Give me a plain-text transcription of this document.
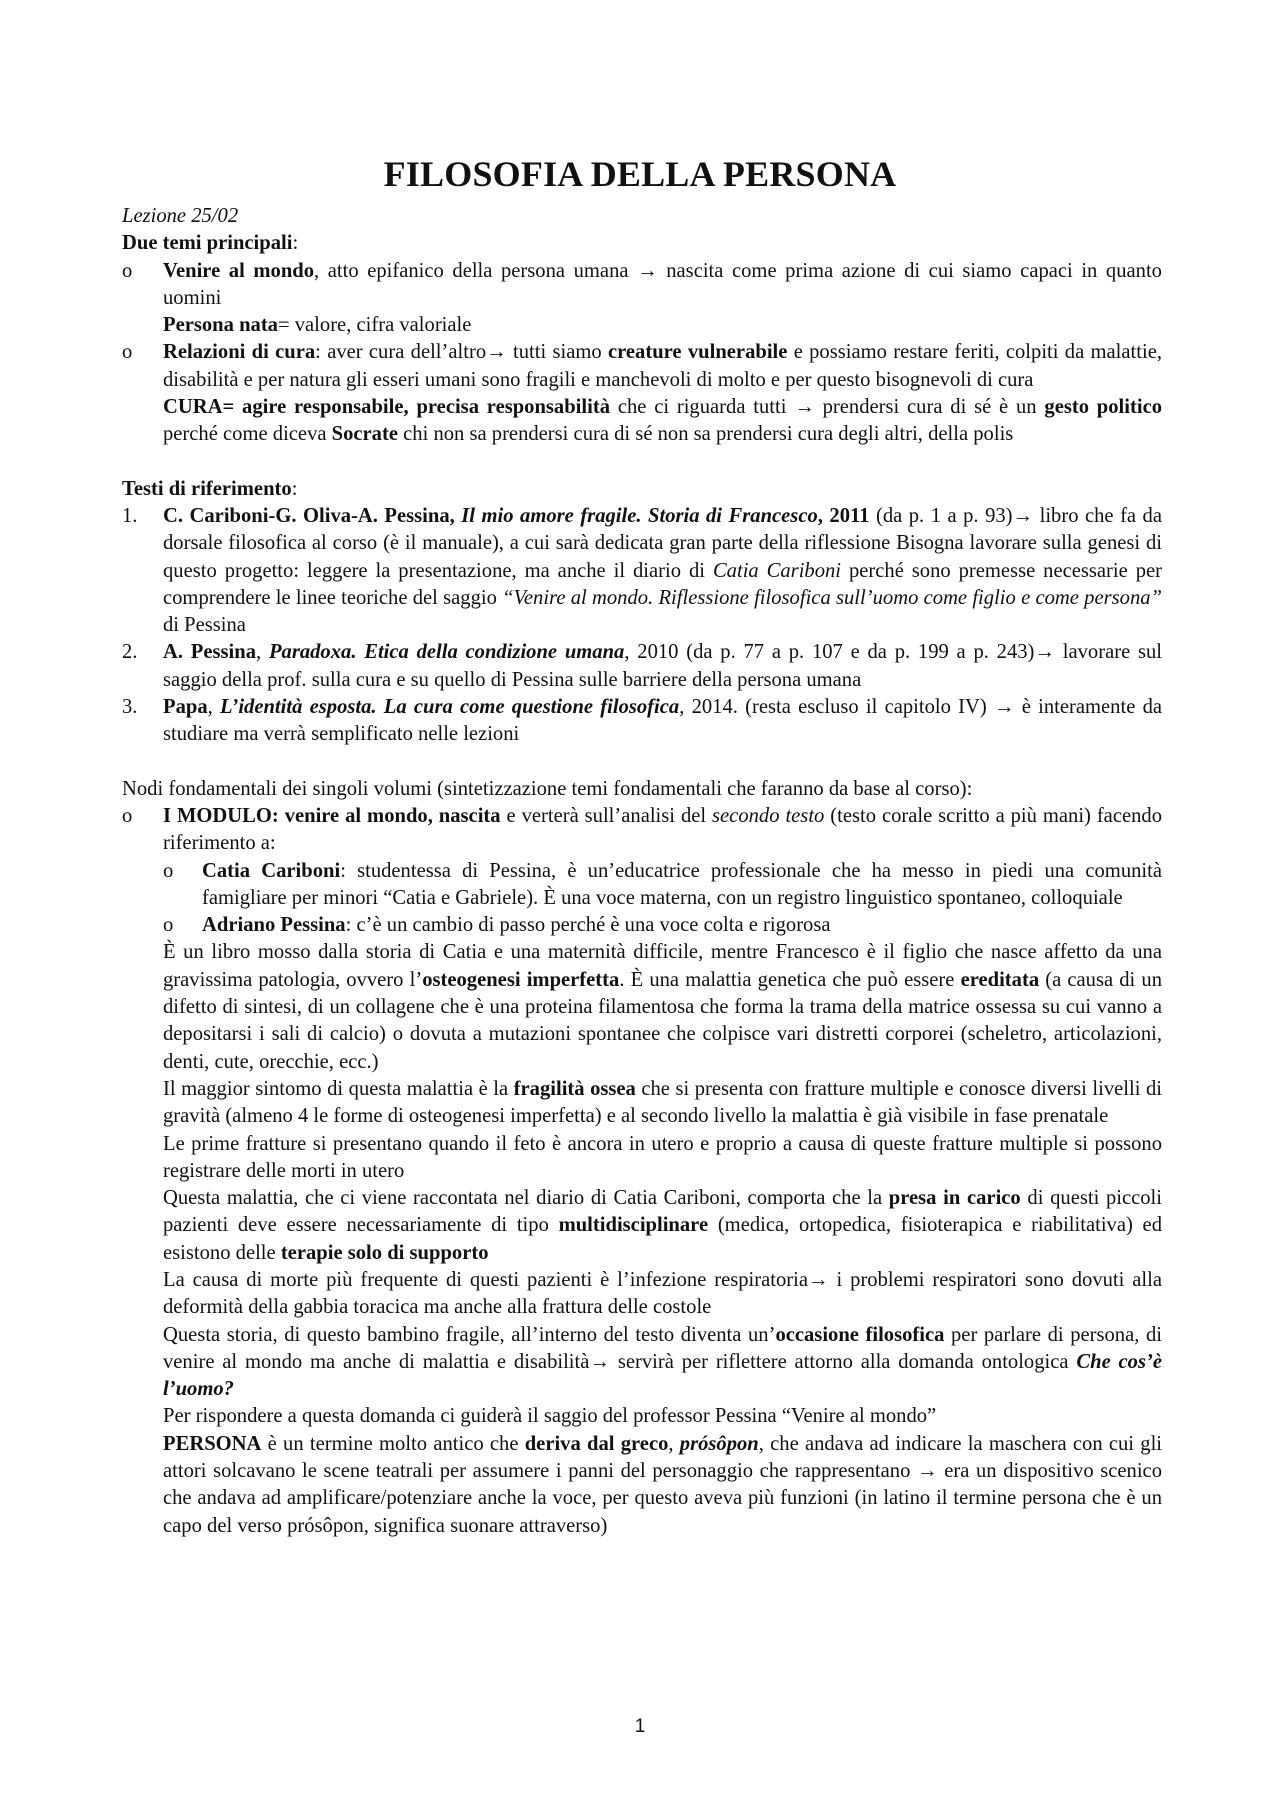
FILOSOFIA DELLA PERSONA

Lezione 25/02

Due temi principali:

o Venire al mondo, atto epifanico della persona umana → nascita come prima azione di cui siamo capaci in quanto uomini
Persona nata= valore, cifra valoriale
o Relazioni di cura: aver cura dell’altro→ tutti siamo creature vulnerabile e possiamo restare feriti, colpiti da malattie, disabilità e per natura gli esseri umani sono fragili e manchevoli di molto e per questo bisognevoli di cura
CURA= agire responsabile, precisa responsabilità che ci riguarda tutti → prendersi cura di sé è un gesto politico perché come diceva Socrate chi non sa prendersi cura di sé non sa prendersi cura degli altri, della polis

Testi di riferimento:

1. C. Cariboni-G. Oliva-A. Pessina, Il mio amore fragile. Storia di Francesco, 2011 (da p. 1 a p. 93)→ libro che fa da dorsale filosofica al corso (è il manuale), a cui sarà dedicata gran parte della riflessione Bisogna lavorare sulla genesi di questo progetto: leggere la presentazione, ma anche il diario di Catia Cariboni perché sono premesse necessarie per comprendere le linee teoriche del saggio “Venire al mondo. Riflessione filosofica sull’uomo come figlio e come persona” di Pessina
2. A. Pessina, Paradoxa. Etica della condizione umana, 2010 (da p. 77 a p. 107 e da p. 199 a p. 243)→ lavorare sul saggio della prof. sulla cura e su quello di Pessina sulle barriere della persona umana
3. Papa, L’identità esposta. La cura come questione filosofica, 2014. (resta escluso il capitolo IV) → è interamente da studiare ma verrà semplificato nelle lezioni

Nodi fondamentali dei singoli volumi (sintetizzazione temi fondamentali che faranno da base al corso):

o I MODULO: venire al mondo, nascita e verterà sull’analisi del secondo testo (testo corale scritto a più mani) facendo riferimento a:
o Catia Cariboni: studentessa di Pessina, è un’educatrice professionale che ha messo in piedi una comunità famigliare per minori “Catia e Gabriele). È una voce materna, con un registro linguistico spontaneo, colloquiale
o Adriano Pessina: c’è un cambio di passo perché è una voce colta e rigorosa
È un libro mosso dalla storia di Catia e una maternità difficile, mentre Francesco è il figlio che nasce affetto da una gravissima patologia, ovvero l’osteogenesi imperfetta. È una malattia genetica che può essere ereditata (a causa di un difetto di sintesi, di un collagene che è una proteina filamentosa che forma la trama della matrice ossessa su cui vanno a depositarsi i sali di calcio) o dovuta a mutazioni spontanee che colpisce vari distretti corporei (scheletro, articolazioni, denti, cute, orecchie, ecc.)
Il maggior sintomo di questa malattia è la fragilità ossea che si presenta con fratture multiple e conosce diversi livelli di gravità (almeno 4 le forme di osteogenesi imperfetta) e al secondo livello la malattia è già visibile in fase prenatale
Le prime fratture si presentano quando il feto è ancora in utero e proprio a causa di queste fratture multiple si possono registrare delle morti in utero
Questa malattia, che ci viene raccontata nel diario di Catia Cariboni, comporta che la presa in carico di questi piccoli pazienti deve essere necessariamente di tipo multidisciplinare (medica, ortopedica, fisioterapica e riabilitativa) ed esistono delle terapie solo di supporto
La causa di morte più frequente di questi pazienti è l’infezione respiratoria→ i problemi respiratori sono dovuti alla deformità della gabbia toracica ma anche alla frattura delle costole
Questa storia, di questo bambino fragile, all’interno del testo diventa un’occasione filosofica per parlare di persona, di venire al mondo ma anche di malattia e disabilità→ servirà per riflettere attorno alla domanda ontologica Che cos’è l’uomo?
Per rispondere a questa domanda ci guiderà il saggio del professor Pessina “Venire al mondo”
PERSONA è un termine molto antico che deriva dal greco, prósôpon, che andava ad indicare la maschera con cui gli attori solcavano le scene teatrali per assumere i panni del personaggio che rappresentano → era un dispositivo scenico che andava ad amplificare/potenziare anche la voce, per questo aveva più funzioni (in latino il termine persona che è un capo del verso prósôpon, significa suonare attraverso)
1
